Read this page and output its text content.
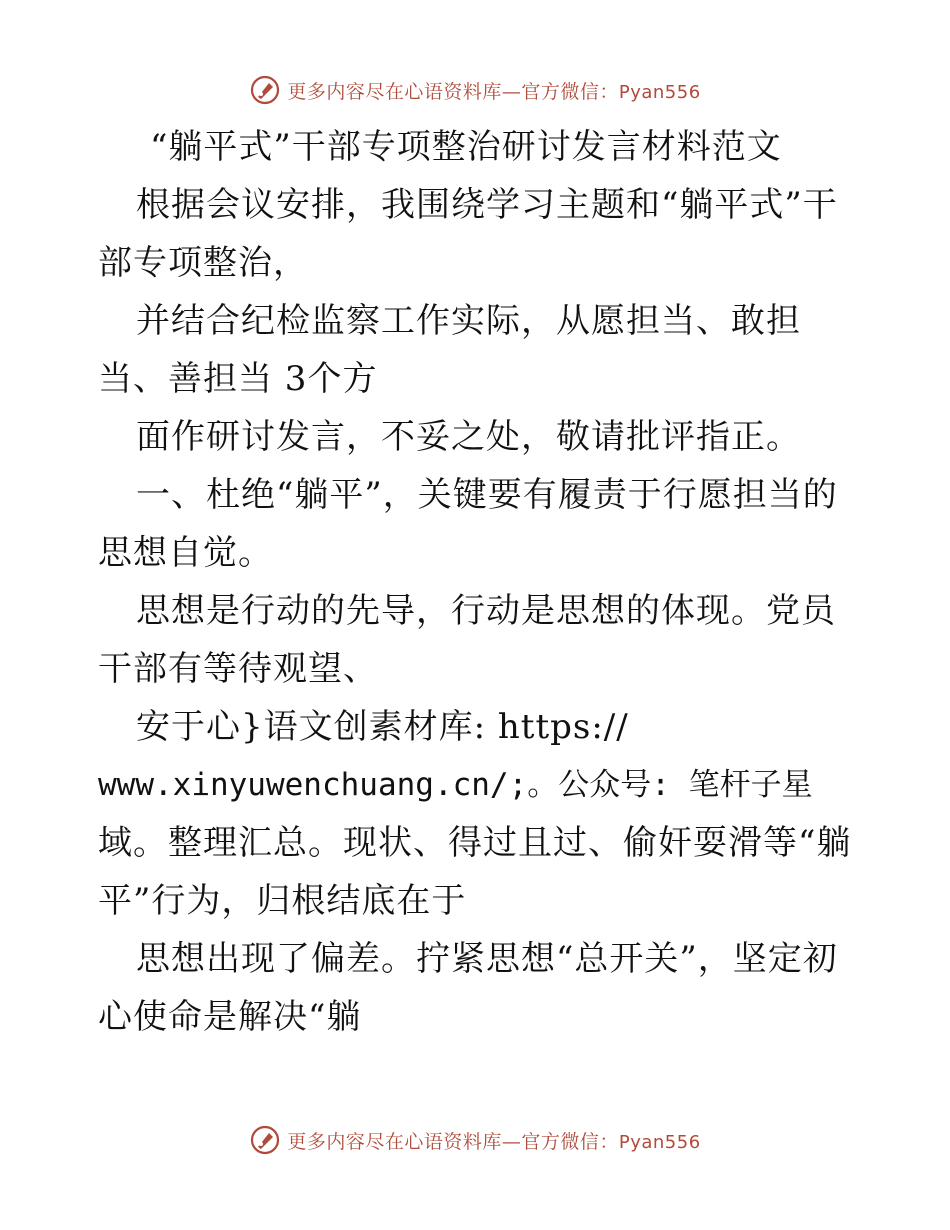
更多内容尽在心语资料库—官方微信：Pyan556

“躺平式”干部专项整治研讨发言材料范文

根据会议安排，我围绕学习主题和“躺平式”干部专项整治，

并结合纪检监察工作实际，从愿担当、敢担当、善担当 3个方

面作研讨发言，不妥之处，敬请批评指正。

一、杜绝“躺平”，关键要有履责于行愿担当的思想自觉。

思想是行动的先导，行动是思想的体现。党员干部有等待观望、

安于心}语文创素材库: https://

www.xinyuwenchuang.cn/;。公众号: 笔杆子星

域。整理汇总。现状、得过且过、偷奸耍滑等“躺平”行为，归根结底在于

思想出现了偏差。拧紧思想“总开关”，坚定初心使命是解决“躺

更多内容尽在心语资料库—官方微信：Pyan556
